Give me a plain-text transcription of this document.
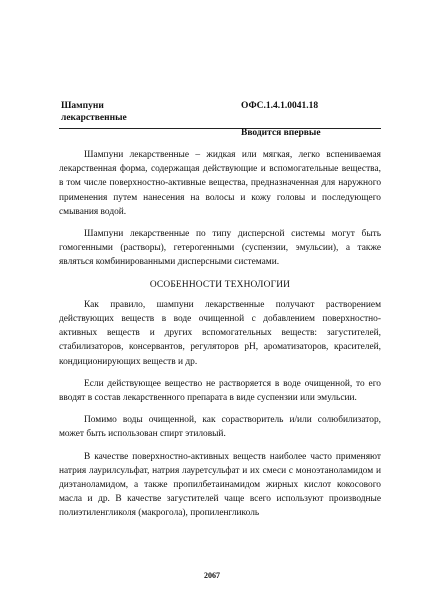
Шампуни
лекарственные
ОФС.1.4.1.0041.18
Вводится впервые

Шампуни лекарственные – жидкая или мягкая, легко вспениваемая лекарственная форма, содержащая действующие и вспомогательные вещества, в том числе поверхностно-активные вещества, предназначенная для наружного применения путем нанесения на волосы и кожу головы и последующего смывания водой.

Шампуни лекарственные по типу дисперсной системы могут быть гомогенными (растворы), гетерогенными (суспензии, эмульсии), а также являться комбинированными дисперсными системами.

ОСОБЕННОСТИ ТЕХНОЛОГИИ

Как правило, шампуни лекарственные получают растворением действующих веществ в воде очищенной с добавлением поверхностно-активных веществ и других вспомогательных веществ: загустителей, стабилизаторов, консервантов, регуляторов pH, ароматизаторов, красителей, кондиционирующих веществ и др.

Если действующее вещество не растворяется в воде очищенной, то его вводят в состав лекарственного препарата в виде суспензии или эмульсии.

Помимо воды очищенной, как сорастворитель и/или солюбилизатор, может быть использован спирт этиловый.

В качестве поверхностно-активных веществ наиболее часто применяют натрия лаурилсульфат, натрия лауретсульфат и их смеси с моноэтаноламидом и диэтаноламидом, а также пропилбетаинамидом жирных кислот кокосового масла и др. В качестве загустителей чаще всего используют производные полиэтиленгликоля (макрогола), пропиленгликоль

2067
